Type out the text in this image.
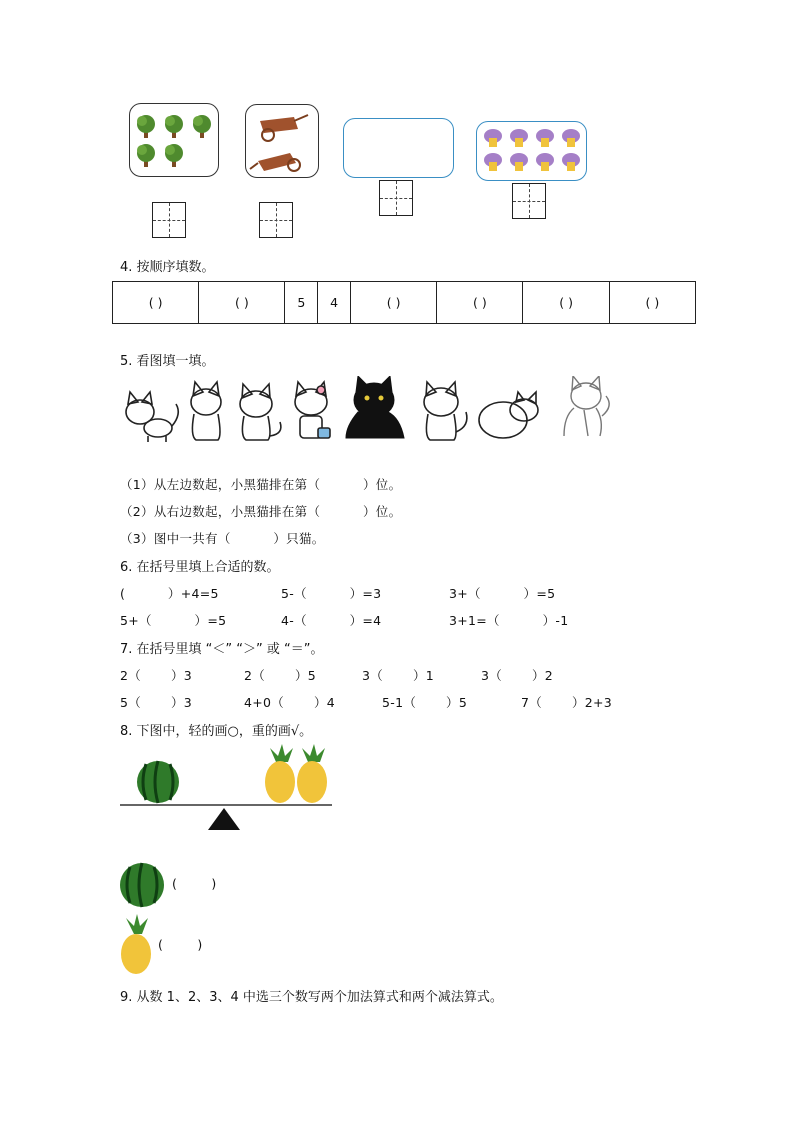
4. 按顺序填数。
( )	( )	5	4	( )	( )	( )	( )
5. 看图填一填。
（1）从左边数起，小黑猫排在第（          ）位。
（2）从右边数起，小黑猫排在第（          ）位。
（3）图中一共有（          ）只猫。
6. 在括号里填上合适的数。
(          ）+4=5	5-（          ）=3	3+（          ）=5
5+（          ）=5	4-（          ）=4	3+1=（          ）-1
7. 在括号里填 “＜” “＞” 或 “＝”。
2（       ）3	2（       ）5	3（       ）1	3（       ）2
5（       ）3	4+0（       ）4	5-1（       ）5	7（       ）2+3
8. 下图中，轻的画○，重的画√。
(        )
(        )
9. 从数 1、2、3、4 中选三个数写两个加法算式和两个减法算式。
